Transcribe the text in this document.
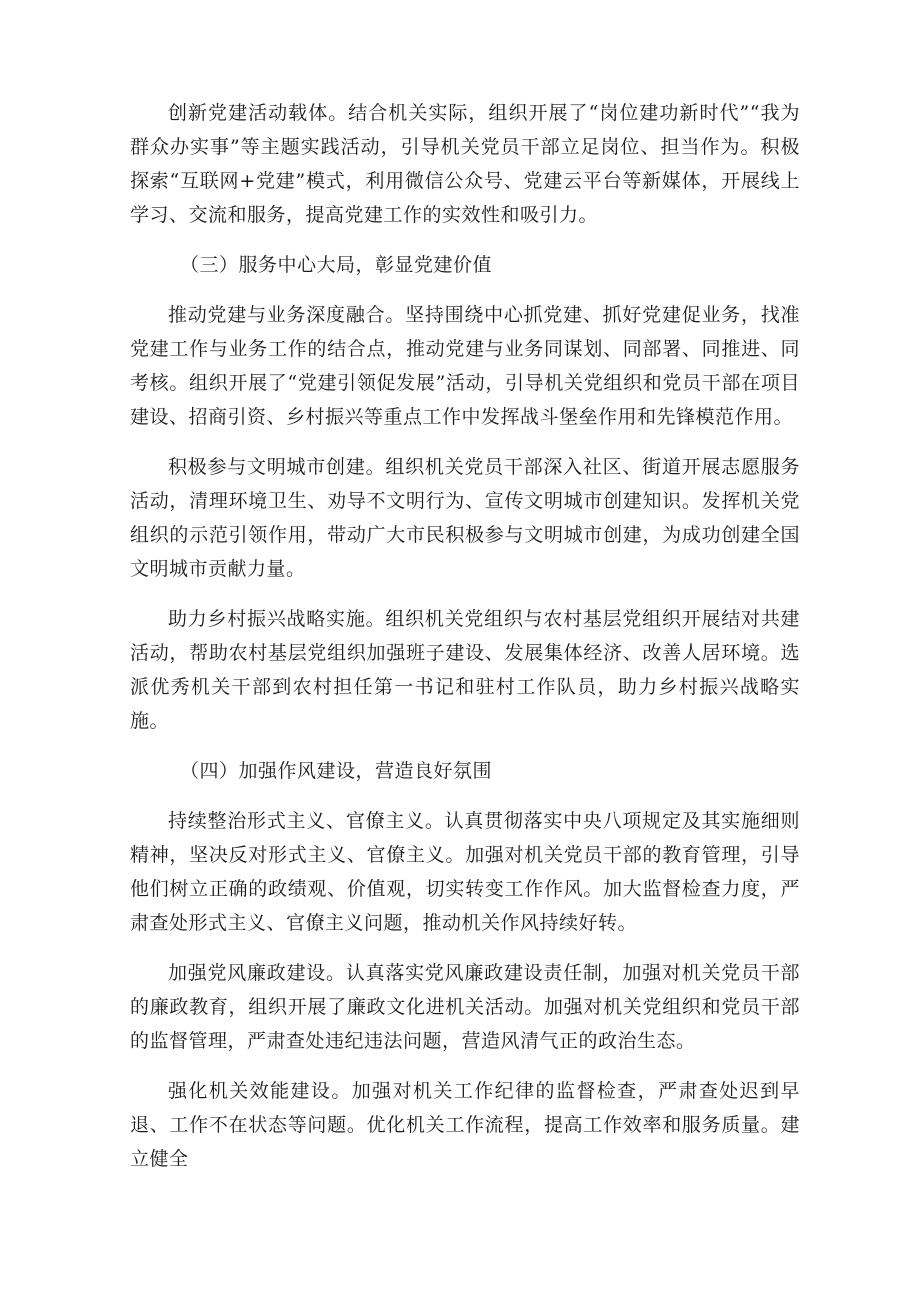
创新党建活动载体。结合机关实际，组织开展了“岗位建功新时代”“我为群众办实事”等主题实践活动，引导机关党员干部立足岗位、担当作为。积极探索“互联网+党建”模式，利用微信公众号、党建云平台等新媒体，开展线上学习、交流和服务，提高党建工作的实效性和吸引力。

（三）服务中心大局，彰显党建价值

推动党建与业务深度融合。坚持围绕中心抓党建、抓好党建促业务，找准党建工作与业务工作的结合点，推动党建与业务同谋划、同部署、同推进、同考核。组织开展了“党建引领促发展”活动，引导机关党组织和党员干部在项目建设、招商引资、乡村振兴等重点工作中发挥战斗堡垒作用和先锋模范作用。

积极参与文明城市创建。组织机关党员干部深入社区、街道开展志愿服务活动，清理环境卫生、劝导不文明行为、宣传文明城市创建知识。发挥机关党组织的示范引领作用，带动广大市民积极参与文明城市创建，为成功创建全国文明城市贡献力量。

助力乡村振兴战略实施。组织机关党组织与农村基层党组织开展结对共建活动，帮助农村基层党组织加强班子建设、发展集体经济、改善人居环境。选派优秀机关干部到农村担任第一书记和驻村工作队员，助力乡村振兴战略实施。

（四）加强作风建设，营造良好氛围

持续整治形式主义、官僚主义。认真贯彻落实中央八项规定及其实施细则精神，坚决反对形式主义、官僚主义。加强对机关党员干部的教育管理，引导他们树立正确的政绩观、价值观，切实转变工作作风。加大监督检查力度，严肃查处形式主义、官僚主义问题，推动机关作风持续好转。

加强党风廉政建设。认真落实党风廉政建设责任制，加强对机关党员干部的廉政教育，组织开展了廉政文化进机关活动。加强对机关党组织和党员干部的监督管理，严肃查处违纪违法问题，营造风清气正的政治生态。

强化机关效能建设。加强对机关工作纪律的监督检查，严肃查处迟到早退、工作不在状态等问题。优化机关工作流程，提高工作效率和服务质量。建立健全
